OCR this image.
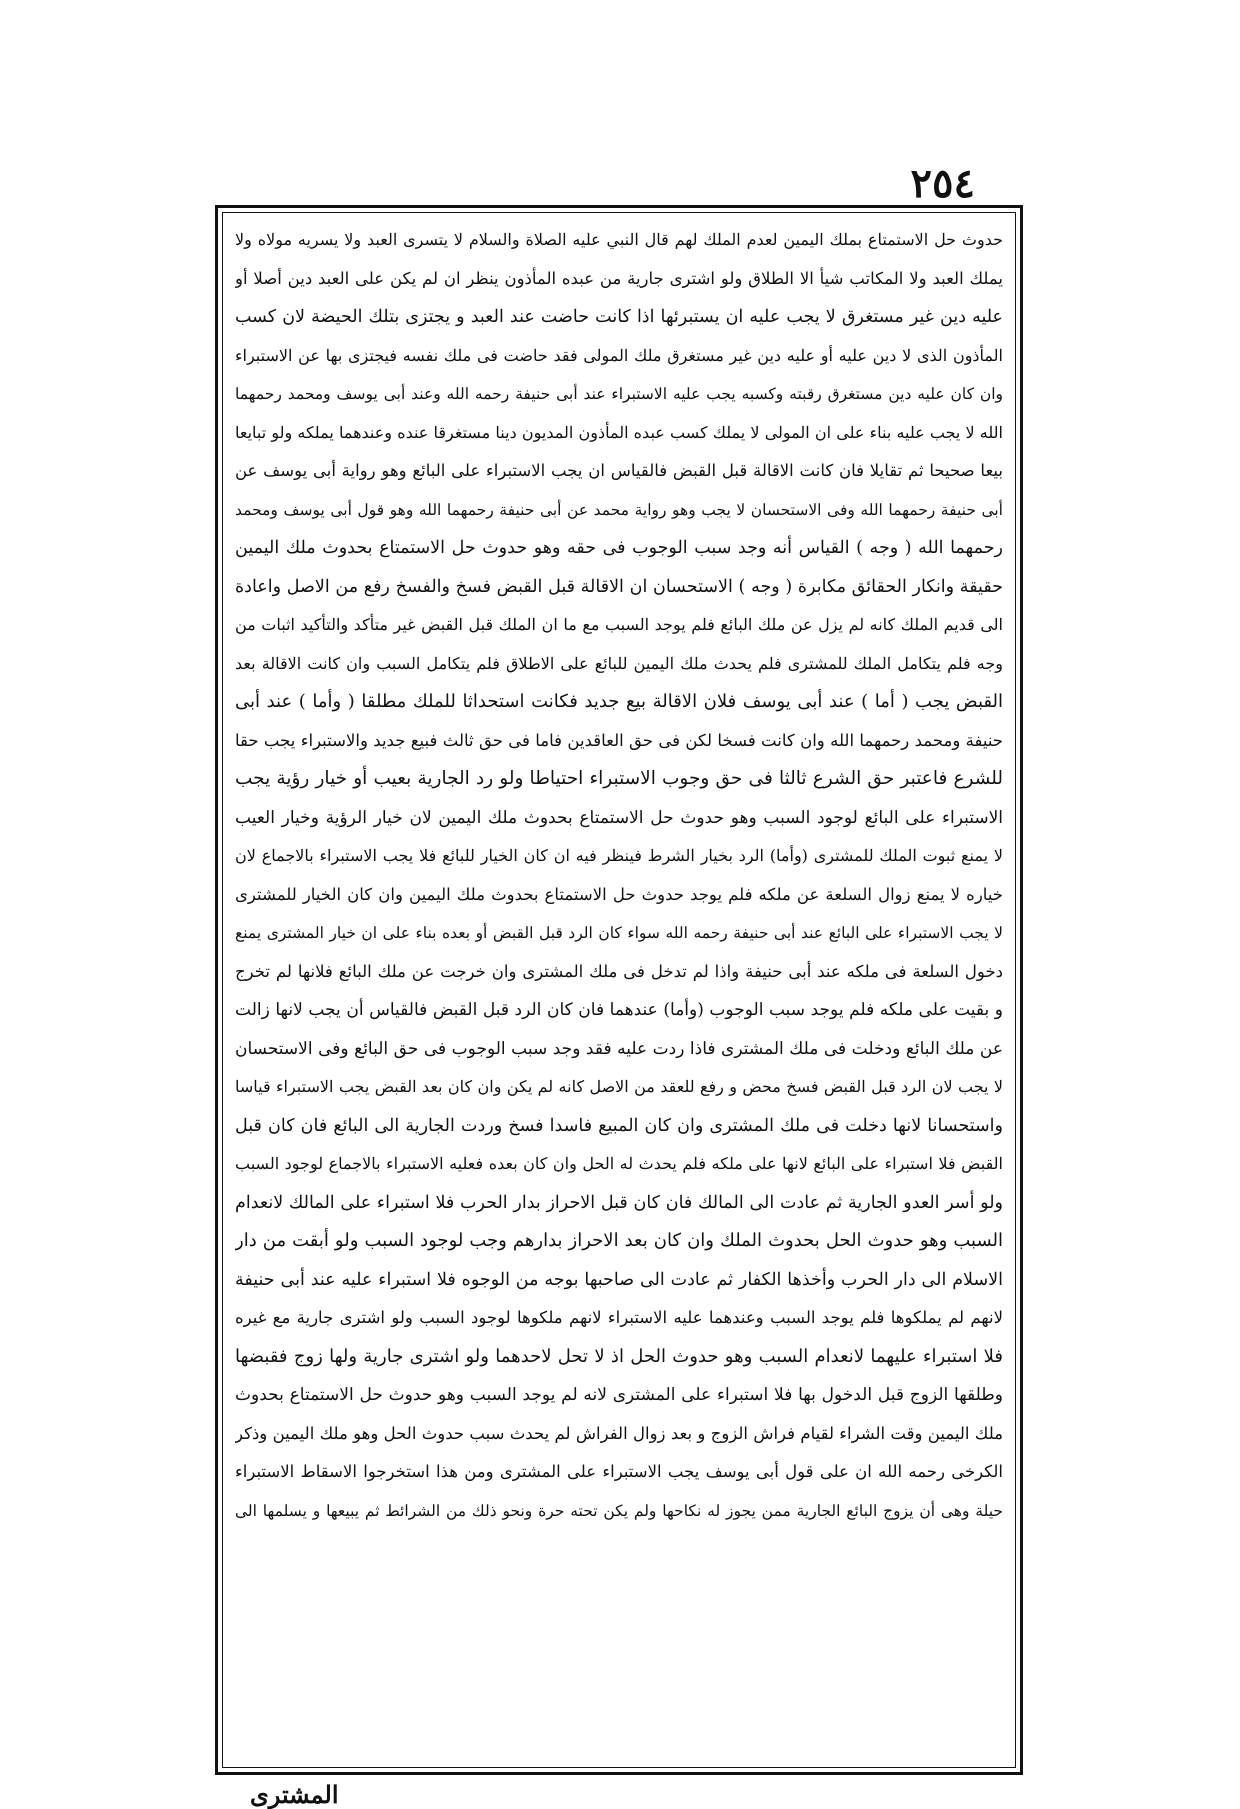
٢٥٤
حدوث حل الاستمتاع بملك اليمين لعدم الملك لهم قال النبي عليه الصلاة والسلام لا يتسرى العبد ولا يسريه مولاه ولا
يملك العبد ولا المكاتب شيأ الا الطلاق ولو اشترى جارية من عبده المأذون ينظر ان لم يكن على العبد دين أصلا أو
عليه دين غير مستغرق لا يجب عليه ان يستبرئها اذا كانت حاضت عند العبد و يجتزى بتلك الحيضة لان كسب
المأذون الذى لا دين عليه أو عليه دين غير مستغرق ملك المولى فقد حاضت فى ملك نفسه فيجتزى بها عن الاستبراء
وان كان عليه دين مستغرق رقبته وكسبه يجب عليه الاستبراء عند أبى حنيفة رحمه الله وعند أبى يوسف ومحمد رحمهما
الله لا يجب عليه بناء على ان المولى لا يملك كسب عبده المأذون المديون دينا مستغرقا عنده وعندهما يملكه ولو تبايعا
بيعا صحيحا ثم تقايلا فان كانت الاقالة قبل القبض فالقياس ان يجب الاستبراء على البائع وهو رواية أبى يوسف عن
أبى حنيفة رحمهما الله وفى الاستحسان لا يجب وهو رواية محمد عن أبى حنيفة رحمهما الله وهو قول أبى يوسف ومحمد
رحمهما الله ( وجه ) القياس أنه وجد سبب الوجوب فى حقه وهو حدوث حل الاستمتاع بحدوث ملك اليمين
حقيقة وانكار الحقائق مكابرة ( وجه ) الاستحسان ان الاقالة قبل القبض فسخ والفسخ رفع من الاصل واعادة
الى قديم الملك كانه لم يزل عن ملك البائع فلم يوجد السبب مع ما ان الملك قبل القبض غير متأكد والتأكيد اثبات من
وجه فلم يتكامل الملك للمشترى فلم يحدث ملك اليمين للبائع على الاطلاق فلم يتكامل السبب وان كانت الاقالة بعد
القبض يجب ( أما ) عند أبى يوسف فلان الاقالة بيع جديد فكانت استحداثا للملك مطلقا ( وأما ) عند أبى
حنيفة ومحمد رحمهما الله وان كانت فسخا لكن فى حق العاقدين فاما فى حق ثالث فبيع جديد والاستبراء يجب حقا
للشرع فاعتبر حق الشرع ثالثا فى حق وجوب الاستبراء احتياطا ولو رد الجارية بعيب أو خيار رؤية يجب
الاستبراء على البائع لوجود السبب وهو حدوث حل الاستمتاع بحدوث ملك اليمين لان خيار الرؤية وخيار العيب
لا يمنع ثبوت الملك للمشترى (وأما) الرد بخيار الشرط فينظر فيه ان كان الخيار للبائع فلا يجب الاستبراء بالاجماع لان
خياره لا يمنع زوال السلعة عن ملكه فلم يوجد حدوث حل الاستمتاع بحدوث ملك اليمين وان كان الخيار للمشترى
لا يجب الاستبراء على البائع عند أبى حنيفة رحمه الله سواء كان الرد قبل القبض أو بعده بناء على ان خيار المشترى يمنع
دخول السلعة فى ملكه عند أبى حنيفة واذا لم تدخل فى ملك المشترى وان خرجت عن ملك البائع فلانها لم تخرج
و بقيت على ملكه فلم يوجد سبب الوجوب (وأما) عندهما فان كان الرد قبل القبض فالقياس أن يجب لانها زالت
عن ملك البائع ودخلت فى ملك المشترى فاذا ردت عليه فقد وجد سبب الوجوب فى حق البائع وفى الاستحسان
لا يجب لان الرد قبل القبض فسخ محض و رفع للعقد من الاصل كانه لم يكن وان كان بعد القبض يجب الاستبراء قياسا
واستحسانا لانها دخلت فى ملك المشترى وان كان المبيع فاسدا فسخ وردت الجارية الى البائع فان كان قبل
القبض فلا استبراء على البائع لانها على ملكه فلم يحدث له الحل وان كان بعده فعليه الاستبراء بالاجماع لوجود السبب
ولو أسر العدو الجارية ثم عادت الى المالك فان كان قبل الاحراز بدار الحرب فلا استبراء على المالك لانعدام
السبب وهو حدوث الحل بحدوث الملك وان كان بعد الاحراز بدارهم وجب لوجود السبب ولو أبقت من دار
الاسلام الى دار الحرب وأخذها الكفار ثم عادت الى صاحبها بوجه من الوجوه فلا استبراء عليه عند أبى حنيفة
لانهم لم يملكوها فلم يوجد السبب وعندهما عليه الاستبراء لانهم ملكوها لوجود السبب ولو اشترى جارية مع غيره
فلا استبراء عليهما لانعدام السبب وهو حدوث الحل اذ لا تحل لاحدهما ولو اشترى جارية ولها زوج فقبضها
وطلقها الزوج قبل الدخول بها فلا استبراء على المشترى لانه لم يوجد السبب وهو حدوث حل الاستمتاع بحدوث
ملك اليمين وقت الشراء لقيام فراش الزوج و بعد زوال الفراش لم يحدث سبب حدوث الحل وهو ملك اليمين وذكر
الكرخى رحمه الله ان على قول أبى يوسف يجب الاستبراء على المشترى ومن هذا استخرجوا الاسقاط الاستبراء
حيلة وهى أن يزوج البائع الجارية ممن يجوز له نكاحها ولم يكن تحته حرة ونحو ذلك من الشرائط ثم يبيعها و يسلمها الى
المشترى
